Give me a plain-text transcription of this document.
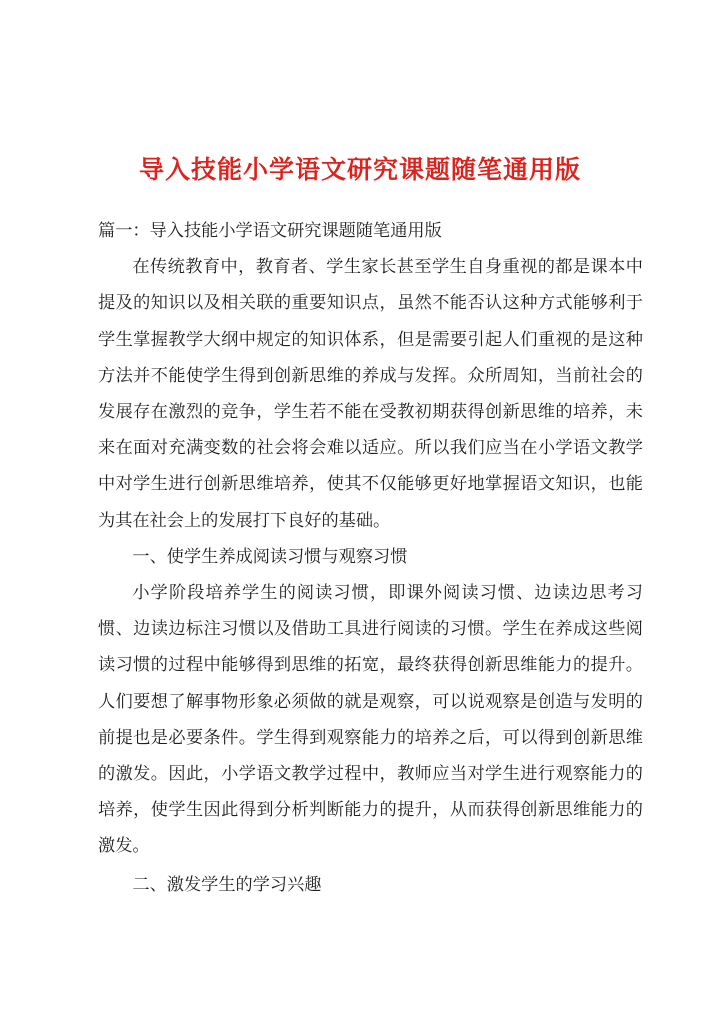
导入技能小学语文研究课题随笔通用版

篇一：导入技能小学语文研究课题随笔通用版

在传统教育中，教育者、学生家长甚至学生自身重视的都是课本中提及的知识以及相关联的重要知识点，虽然不能否认这种方式能够利于学生掌握教学大纲中规定的知识体系，但是需要引起人们重视的是这种方法并不能使学生得到创新思维的养成与发挥。众所周知，当前社会的发展存在激烈的竞争，学生若不能在受教初期获得创新思维的培养，未来在面对充满变数的社会将会难以适应。所以我们应当在小学语文教学中对学生进行创新思维培养，使其不仅能够更好地掌握语文知识，也能为其在社会上的发展打下良好的基础。

一、使学生养成阅读习惯与观察习惯

小学阶段培养学生的阅读习惯，即课外阅读习惯、边读边思考习惯、边读边标注习惯以及借助工具进行阅读的习惯。学生在养成这些阅读习惯的过程中能够得到思维的拓宽，最终获得创新思维能力的提升。人们要想了解事物形象必须做的就是观察，可以说观察是创造与发明的前提也是必要条件。学生得到观察能力的培养之后，可以得到创新思维的激发。因此，小学语文教学过程中，教师应当对学生进行观察能力的培养，使学生因此得到分析判断能力的提升，从而获得创新思维能力的激发。

二、激发学生的学习兴趣
